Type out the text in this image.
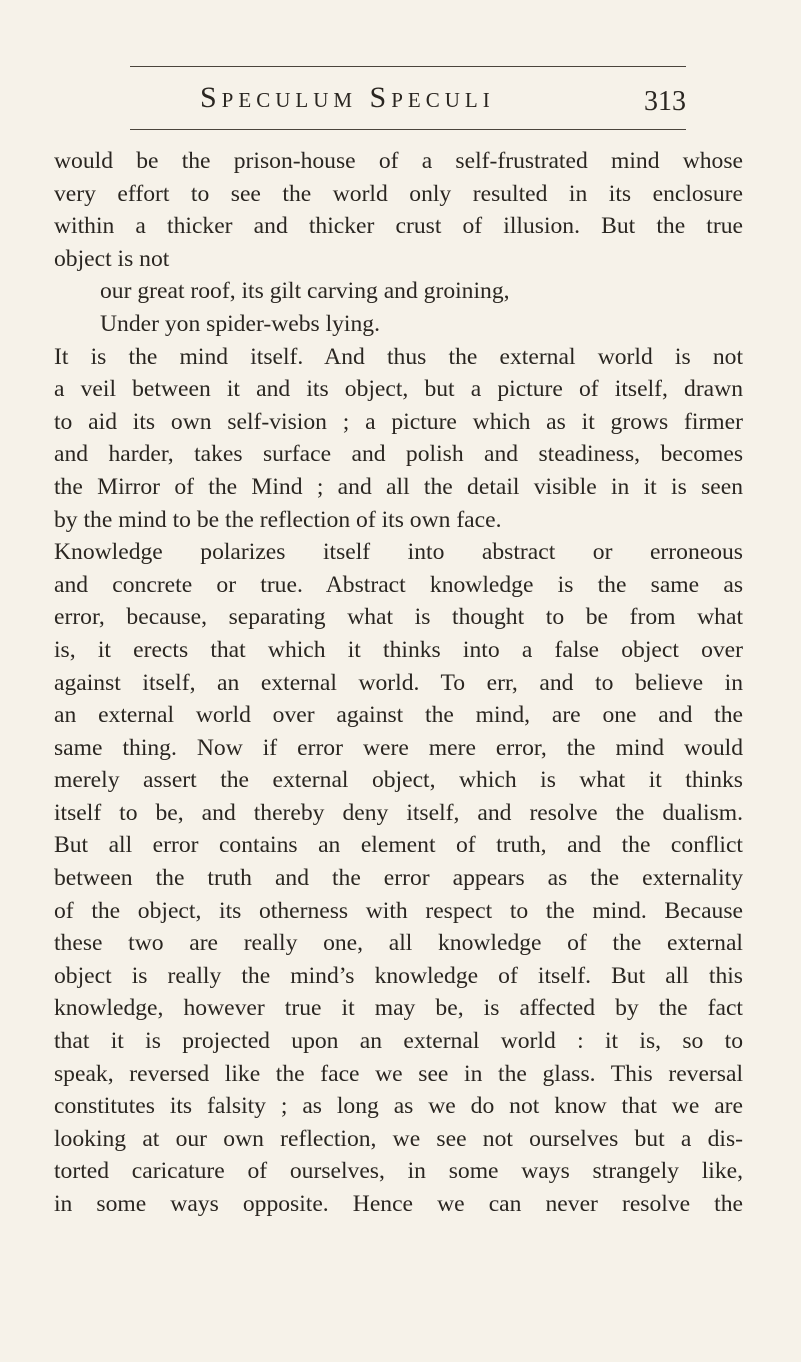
Speculum Speculi	313
would be the prison-house of a self-frustrated mind whose
very effort to see the world only resulted in its enclosure
within a thicker and thicker crust of illusion. But the true
object is not
our great roof, its gilt carving and groining,
Under yon spider-webs lying.
It is the mind itself. And thus the external world is not
a veil between it and its object, but a picture of itself, drawn
to aid its own self-vision ; a picture which as it grows firmer
and harder, takes surface and polish and steadiness, becomes
the Mirror of the Mind ; and all the detail visible in it is seen
by the mind to be the reflection of its own face.
Knowledge polarizes itself into abstract or erroneous
and concrete or true. Abstract knowledge is the same as
error, because, separating what is thought to be from what
is, it erects that which it thinks into a false object over
against itself, an external world. To err, and to believe in
an external world over against the mind, are one and the
same thing. Now if error were mere error, the mind would
merely assert the external object, which is what it thinks
itself to be, and thereby deny itself, and resolve the dualism.
But all error contains an element of truth, and the conflict
between the truth and the error appears as the externality
of the object, its otherness with respect to the mind. Because
these two are really one, all knowledge of the external
object is really the mind’s knowledge of itself. But all this
knowledge, however true it may be, is affected by the fact
that it is projected upon an external world : it is, so to
speak, reversed like the face we see in the glass. This reversal
constitutes its falsity ; as long as we do not know that we are
looking at our own reflection, we see not ourselves but a dis-
torted caricature of ourselves, in some ways strangely like,
in some ways opposite. Hence we can never resolve the
